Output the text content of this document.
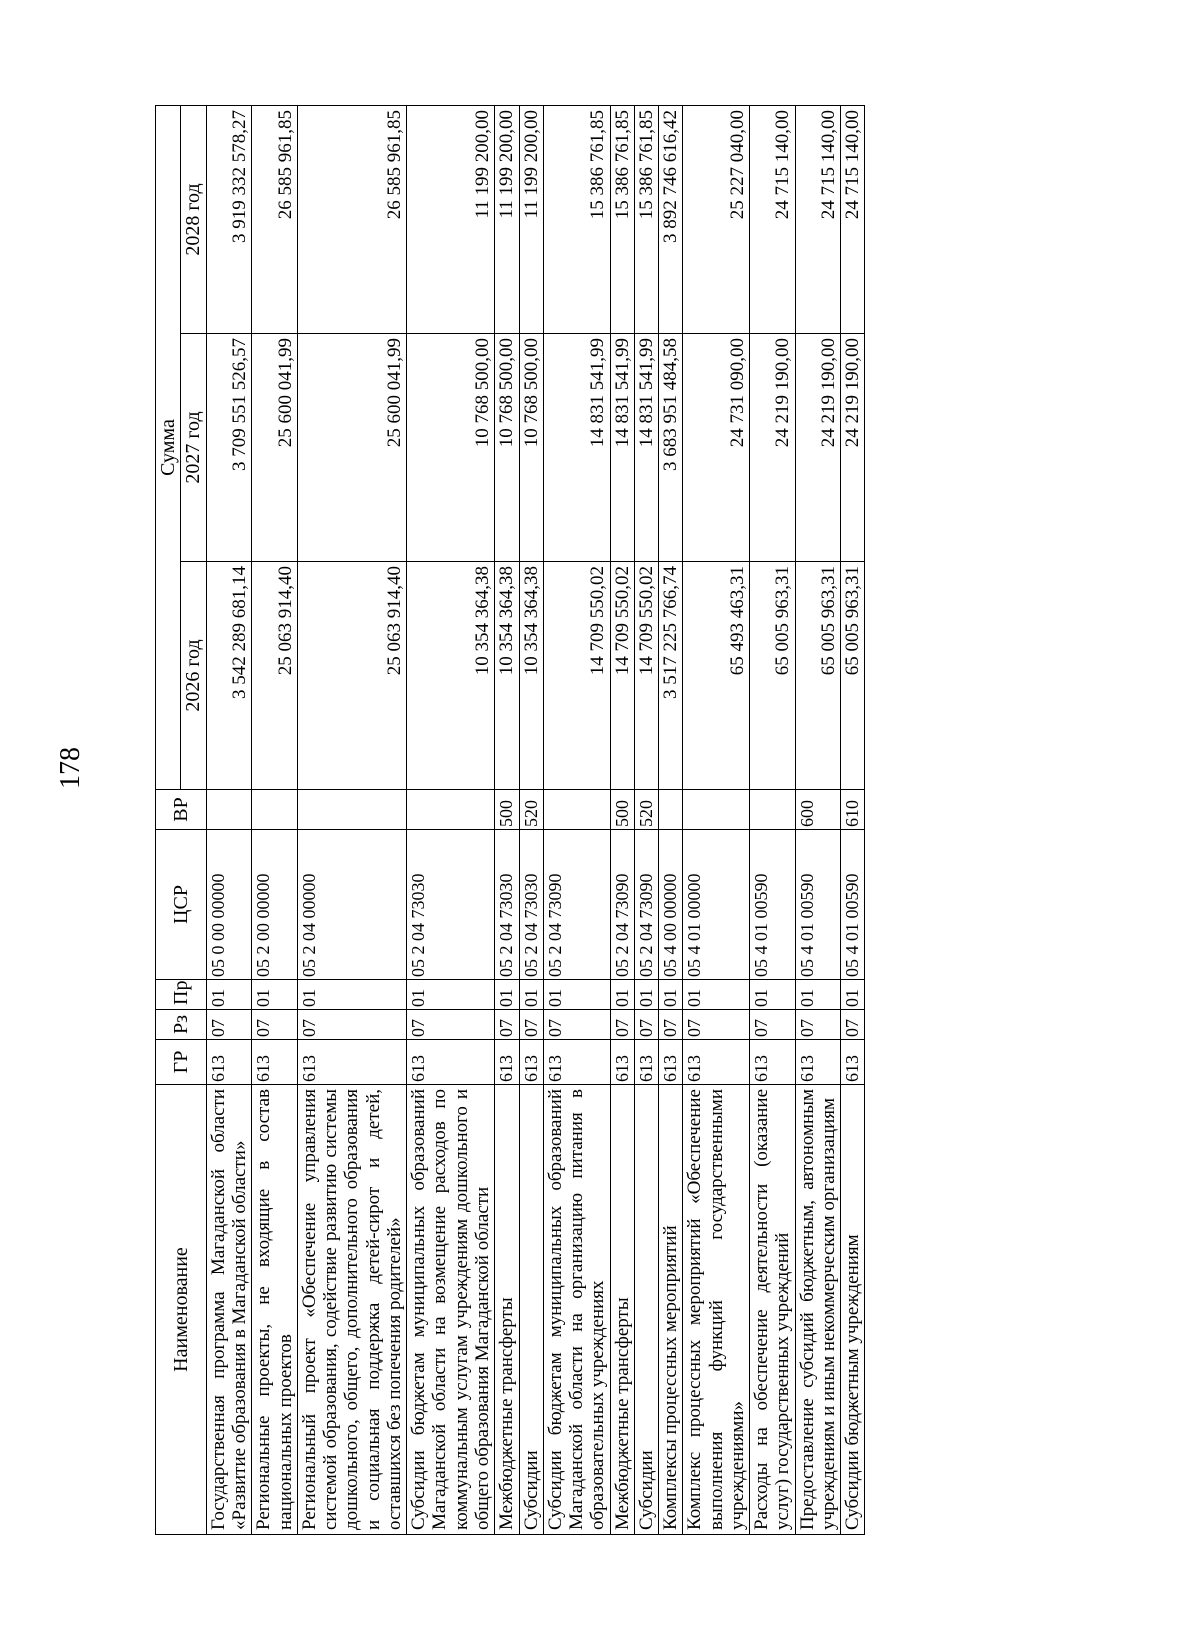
178
Наименование	ГР	Рз	Пр	ЦСР	ВР	Сумма		
						2026 год	2027 год	2028 год
Государственная программа Магаданской области «Развитие образования в Магаданской области»	613	07	01	05 0 00 00000		3 542 289 681,14	3 709 551 526,57	3 919 332 578,27
Региональные проекты, не входящие в состав национальных проектов	613	07	01	05 2 00 00000		25 063 914,40	25 600 041,99	26 585 961,85
Региональный проект «Обеспечение управления системой образования, содействие развитию системы дошкольного, общего, дополнительного образования и социальная поддержка детей-сирот и детей, оставшихся без попечения родителей»	613	07	01	05 2 04 00000		25 063 914,40	25 600 041,99	26 585 961,85
Субсидии бюджетам муниципальных образований Магаданской области на возмещение расходов по коммунальным услугам учреждениям дошкольного и общего образования Магаданской области	613	07	01	05 2 04 73030		10 354 364,38	10 768 500,00	11 199 200,00
Межбюджетные трансферты	613	07	01	05 2 04 73030	500	10 354 364,38	10 768 500,00	11 199 200,00
Субсидии	613	07	01	05 2 04 73030	520	10 354 364,38	10 768 500,00	11 199 200,00
Субсидии бюджетам муниципальных образований Магаданской области на организацию питания в образовательных учреждениях	613	07	01	05 2 04 73090		14 709 550,02	14 831 541,99	15 386 761,85
Межбюджетные трансферты	613	07	01	05 2 04 73090	500	14 709 550,02	14 831 541,99	15 386 761,85
Субсидии	613	07	01	05 2 04 73090	520	14 709 550,02	14 831 541,99	15 386 761,85
Комплексы процессных мероприятий	613	07	01	05 4 00 00000		3 517 225 766,74	3 683 951 484,58	3 892 746 616,42
Комплекс процессных мероприятий «Обеспечение выполнения функций государственными учреждениями»	613	07	01	05 4 01 00000		65 493 463,31	24 731 090,00	25 227 040,00
Расходы на обеспечение деятельности (оказание услуг) государственных учреждений	613	07	01	05 4 01 00590		65 005 963,31	24 219 190,00	24 715 140,00
Предоставление субсидий бюджетным, автономным учреждениям и иным некоммерческим организациям	613	07	01	05 4 01 00590	600	65 005 963,31	24 219 190,00	24 715 140,00
Субсидии бюджетным учреждениям	613	07	01	05 4 01 00590	610	65 005 963,31	24 219 190,00	24 715 140,00
